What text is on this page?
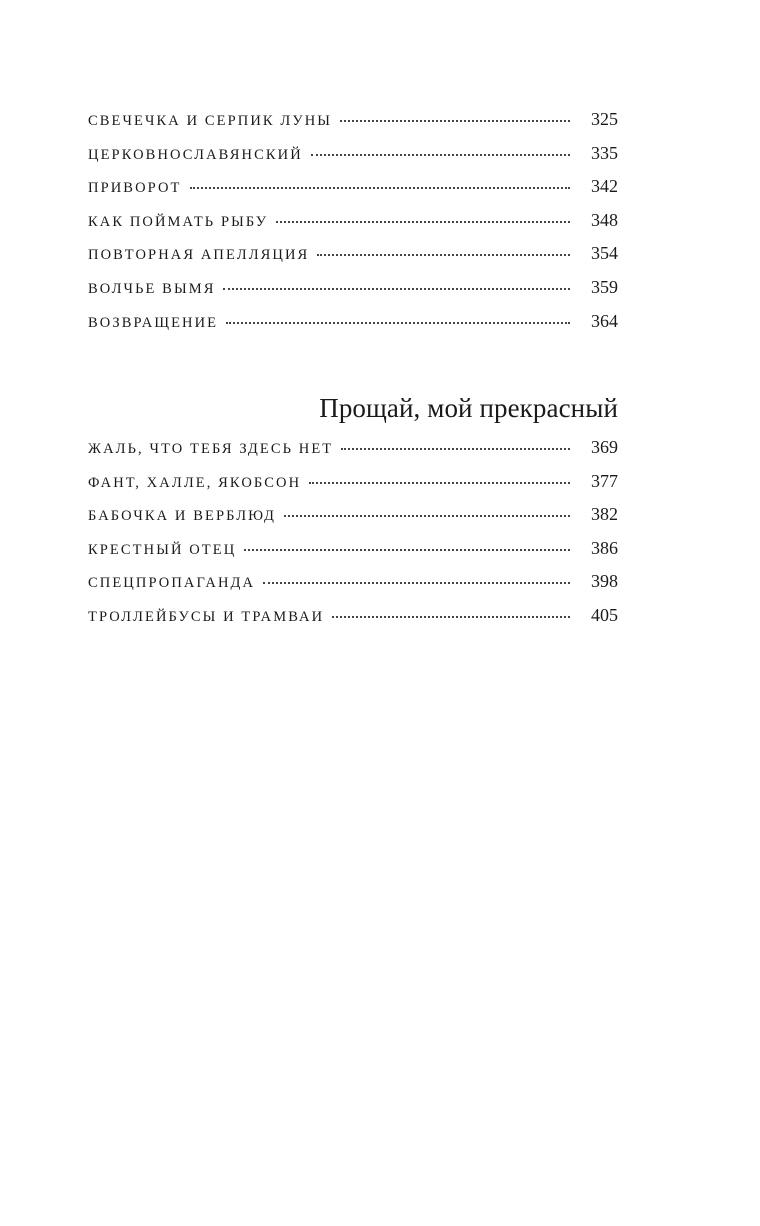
СВЕЧЕЧКА И СЕРПИК ЛУНЫ	325
ЦЕРКОВНОСЛАВЯНСКИЙ	335
ПРИВОРОТ	342
КАК ПОЙМАТЬ РЫБУ	348
ПОВТОРНАЯ АПЕЛЛЯЦИЯ	354
ВОЛЧЬЕ ВЫМЯ	359
ВОЗВРАЩЕНИЕ	364
Прощай, мой прекрасный
ЖАЛЬ, ЧТО ТЕБЯ ЗДЕСЬ НЕТ	369
ФАНТ, ХАЛЛЕ, ЯКОБСОН	377
БАБОЧКА И ВЕРБЛЮД	382
КРЕСТНЫЙ ОТЕЦ	386
СПЕЦПРОПАГАНДА	398
ТРОЛЛЕЙБУСЫ И ТРАМВАИ	405
